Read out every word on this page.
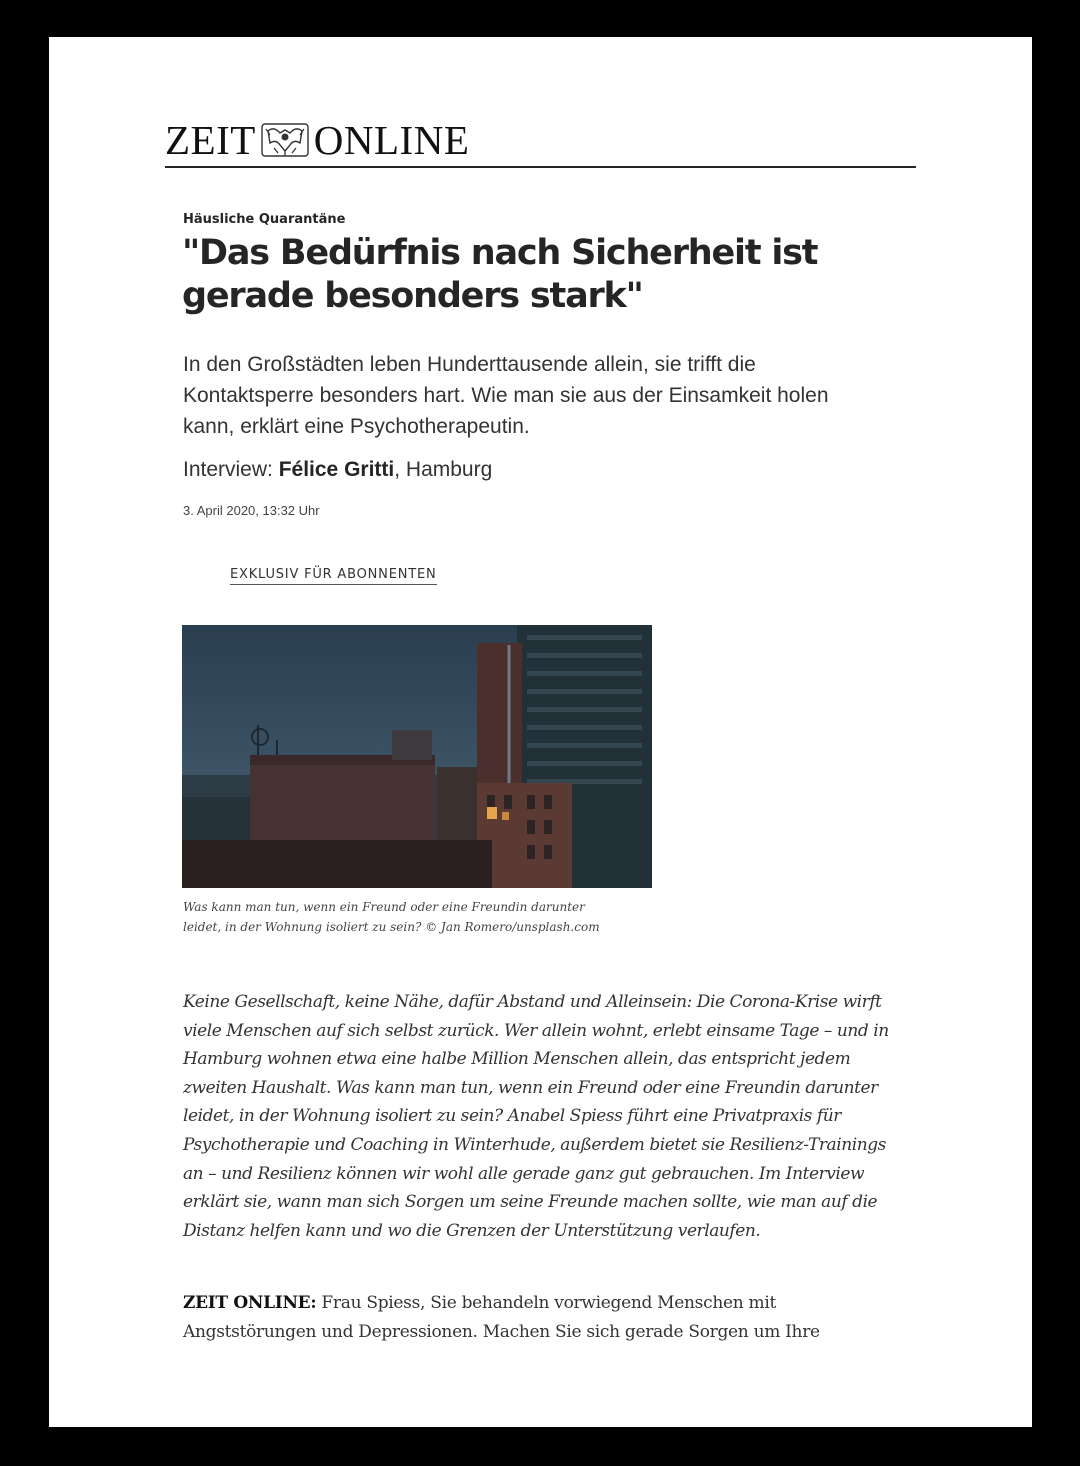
ZEIT ONLINE
Häusliche Quarantäne
"Das Bedürfnis nach Sicherheit ist gerade besonders stark"

In den Großstädten leben Hunderttausende allein, sie trifft die Kontaktsperre besonders hart. Wie man sie aus der Einsamkeit holen kann, erklärt eine Psychotherapeutin.

Interview: Félice Gritti, Hamburg
3. April 2020, 13:32 Uhr
EXKLUSIV FÜR ABONNENTEN

Was kann man tun, wenn ein Freund oder eine Freundin darunter leidet, in der Wohnung isoliert zu sein? © Jan Romero/unsplash.com

Keine Gesellschaft, keine Nähe, dafür Abstand und Alleinsein: Die Corona-Krise wirft viele Menschen auf sich selbst zurück. Wer allein wohnt, erlebt einsame Tage – und in Hamburg wohnen etwa eine halbe Million Menschen allein, das entspricht jedem zweiten Haushalt. Was kann man tun, wenn ein Freund oder eine Freundin darunter leidet, in der Wohnung isoliert zu sein? Anabel Spiess führt eine Privatpraxis für Psychotherapie und Coaching in Winterhude, außerdem bietet sie Resilienz-Trainings an – und Resilienz können wir wohl alle gerade ganz gut gebrauchen. Im Interview erklärt sie, wann man sich Sorgen um seine Freunde machen sollte, wie man auf die Distanz helfen kann und wo die Grenzen der Unterstützung verlaufen.

ZEIT ONLINE: Frau Spiess, Sie behandeln vorwiegend Menschen mit Angststörungen und Depressionen. Machen Sie sich gerade Sorgen um Ihre
